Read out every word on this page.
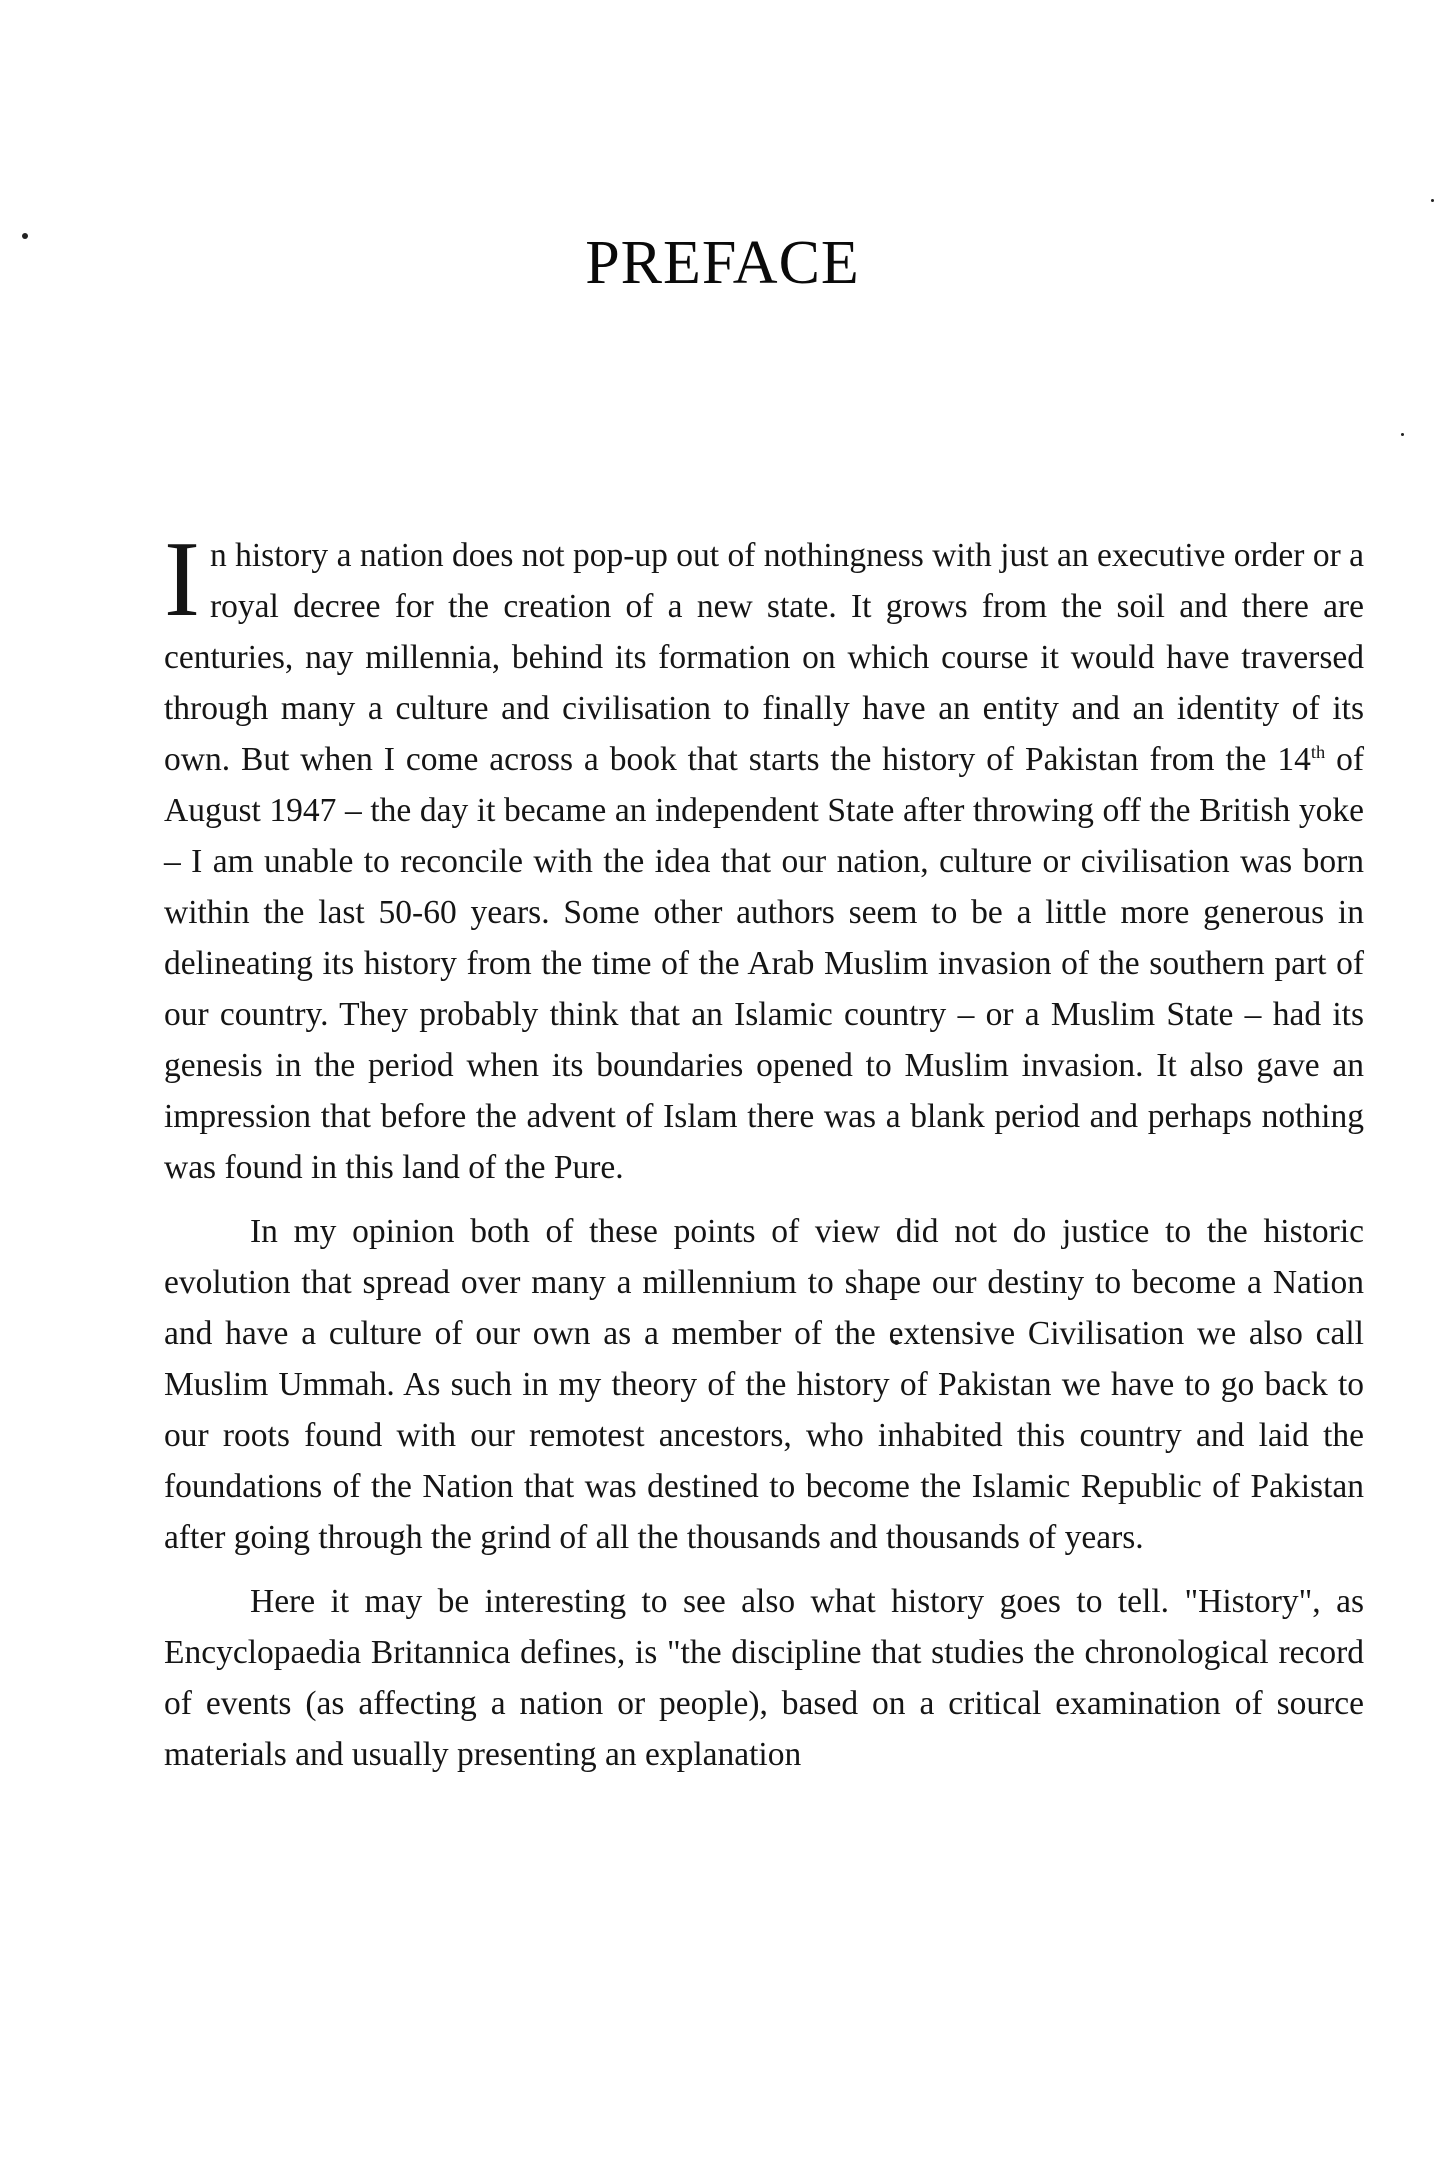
PREFACE

In history a nation does not pop-up out of nothingness with just an executive order or a royal decree for the creation of a new state. It grows from the soil and there are centuries, nay millennia, behind its formation on which course it would have traversed through many a culture and civilisation to finally have an entity and an identity of its own. But when I come across a book that starts the history of Pakistan from the 14th of August 1947 – the day it became an independent State after throwing off the British yoke – I am unable to reconcile with the idea that our nation, culture or civilisation was born within the last 50-60 years. Some other authors seem to be a little more generous in delineating its history from the time of the Arab Muslim invasion of the southern part of our country. They probably think that an Islamic country – or a Muslim State – had its genesis in the period when its boundaries opened to Muslim invasion. It also gave an impression that before the advent of Islam there was a blank period and perhaps nothing was found in this land of the Pure.

In my opinion both of these points of view did not do justice to the historic evolution that spread over many a millennium to shape our destiny to become a Nation and have a culture of our own as a member of the extensive Civilisation we also call Muslim Ummah. As such in my theory of the history of Pakistan we have to go back to our roots found with our remotest ancestors, who inhabited this country and laid the foundations of the Nation that was destined to become the Islamic Republic of Pakistan after going through the grind of all the thousands and thousands of years.

Here it may be interesting to see also what history goes to tell. "History", as Encyclopaedia Britannica defines, is "the discipline that studies the chronological record of events (as affecting a nation or people), based on a critical examination of source materials and usually presenting an explanation
